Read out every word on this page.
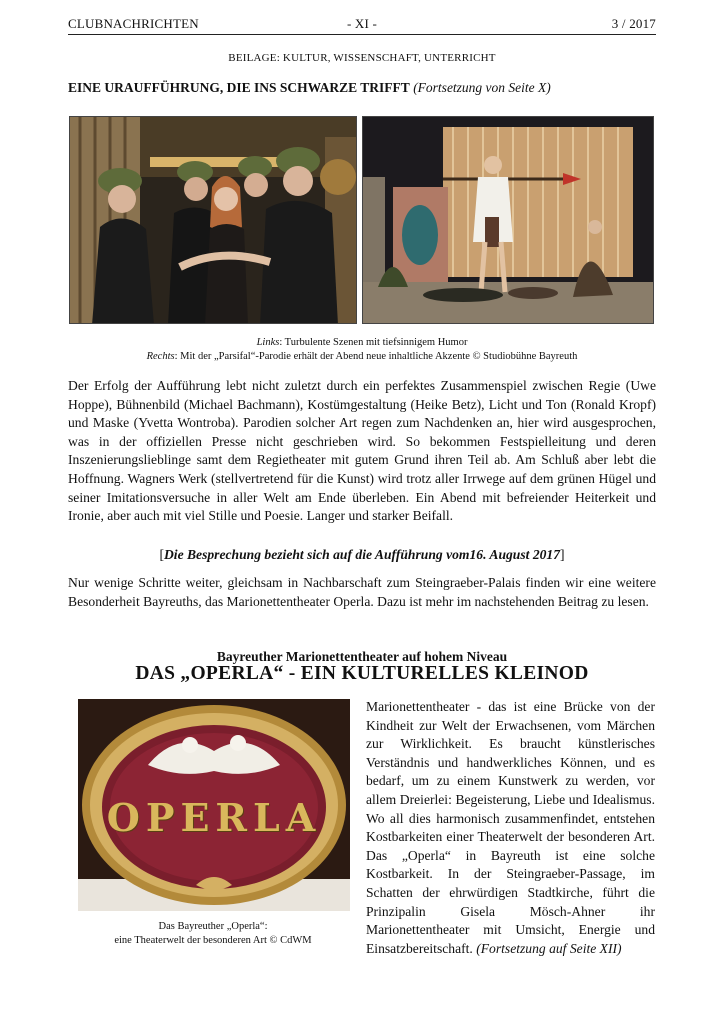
CLUBNACHRICHTEN	- XI -	3 / 2017
BEILAGE: KULTUR, WISSENSCHAFT, UNTERRICHT
EINE URAUFFÜHRUNG, DIE INS SCHWARZE TRIFFT (Fortsetzung von Seite X)
Links: Turbulente Szenen mit tiefsinnigem Humor
Rechts: Mit der „Parsifal“-Parodie erhält der Abend neue inhaltliche Akzente © Studiobühne Bayreuth
Der Erfolg der Aufführung lebt nicht zuletzt durch ein perfektes Zusammenspiel zwischen Regie (Uwe Hoppe), Bühnenbild (Michael Bachmann), Kostümgestaltung (Heike Betz), Licht und Ton (Ronald Kropf) und Maske (Yvetta Wontroba). Parodien solcher Art regen zum Nachdenken an, hier wird ausgesprochen, was in der offiziellen Presse nicht geschrieben wird. So bekommen Festspielleitung und deren Inszenierungslieblinge samt dem Regietheater mit gutem Grund ihren Teil ab. Am Schluß aber lebt die Hoffnung. Wagners Werk (stellvertretend für die Kunst) wird trotz aller Irrwege auf dem grünen Hügel und seiner Imitationsversuche in aller Welt am Ende überleben. Ein Abend mit befreiender Heiterkeit und Ironie, aber auch mit viel Stille und Poesie. Langer und starker Beifall.
[Die Besprechung bezieht sich auf die Aufführung vom16. August 2017]
Nur wenige Schritte weiter, gleichsam in Nachbarschaft zum Steingraeber-Palais finden wir eine weitere Besonderheit Bayreuths, das Marionettentheater Operla. Dazu ist mehr im nachstehenden Beitrag zu lesen.
Bayreuther Marionettentheater auf hohem Niveau
DAS „OPERLA“ - EIN KULTURELLES KLEINOD
OPERLA
Das Bayreuther „Operla“:
eine Theaterwelt der besonderen Art © CdWM
Marionettentheater - das ist eine Brücke von der Kindheit zur Welt der Erwachsenen, vom Märchen zur Wirklichkeit. Es braucht künstlerisches Verständnis und handwerkliches Können, und es bedarf, um zu einem Kunstwerk zu werden, vor allem Dreierlei: Begeisterung, Liebe und Idealismus. Wo all dies harmonisch zusammenfindet, entstehen Kostbarkeiten einer Theaterwelt der besonderen Art. Das „Operla“ in Bayreuth ist eine solche Kostbarkeit. In der Steingraeber-Passage, im Schatten der ehrwürdigen Stadtkirche, führt die Prinzipalin Gisela Mösch-Ahner ihr Marionettentheater mit Umsicht, Energie und Einsatzbereitschaft. (Fortsetzung auf Seite XII)
